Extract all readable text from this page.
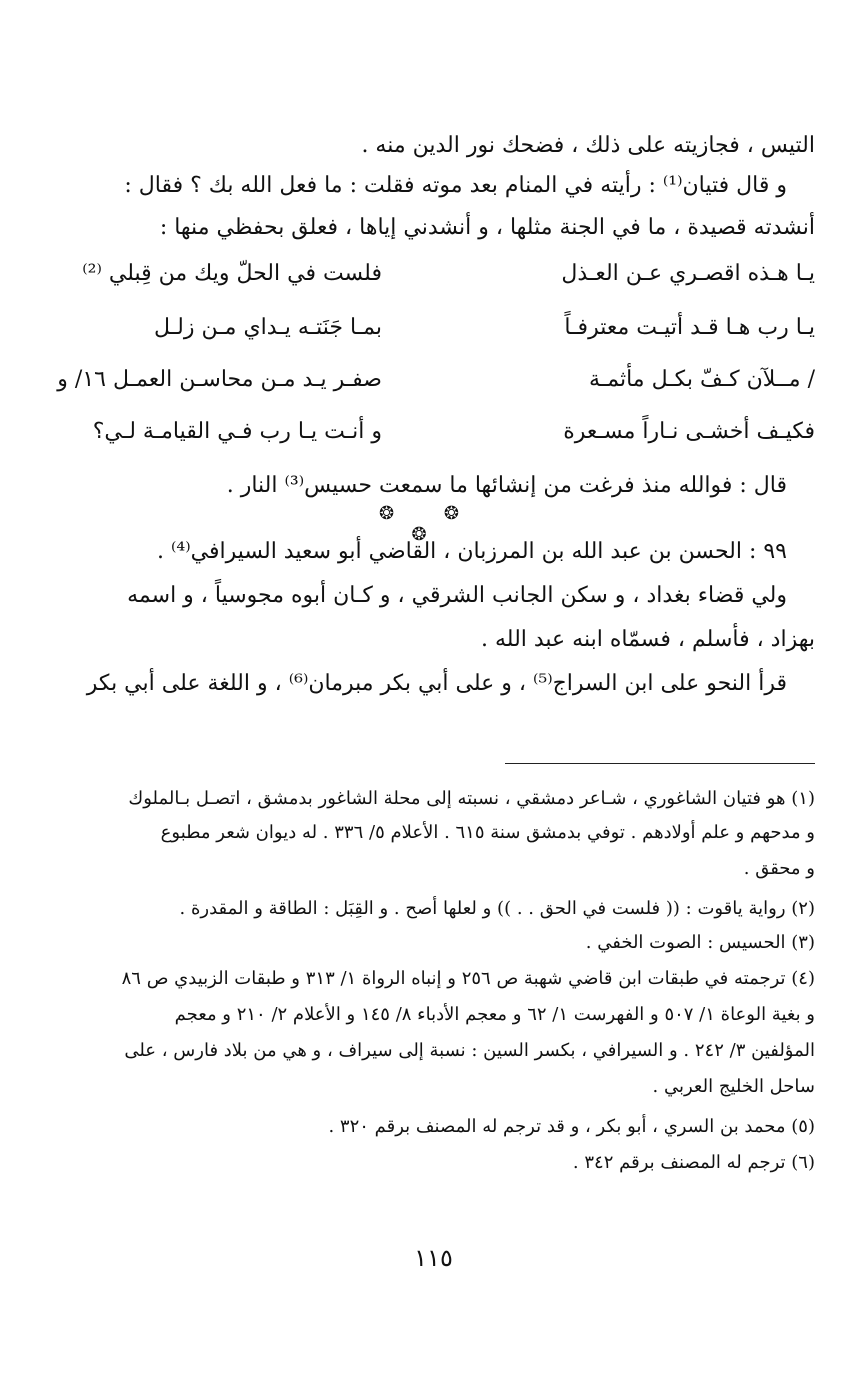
التيس ، فجازيته على ذلك ، فضحك نور الدين منه .
و قال فتيان⁽¹⁾ : رأيته في المنام بعد موته فقلت : ما فعل الله بك ؟ فقال :
أنشدته قصيدة ، ما في الجنة مثلها ، و أنشدني إياها ، فعلق بحفظي منها :
يـا هـذه اقصـري عـن العـذل
فلست في الحلّ ويك من قِبلي ⁽²⁾
يـا رب هـا قـد أتيـت معترفـاً
بمـا جَنَتـه يـداي مـن زلـل
/ مــلآن كـفّ بكـل مأثمـة
صفـر يـد مـن محاسـن العمـل ١٦/ و
فكيـف أخشـى نـاراً مسـعرة
و أنـت يـا رب فـي القيامـة لـي؟
قال : فوالله منذ فرغت من إنشائها ما سمعت حسيس⁽³⁾ النار .
❂ ❂ ❂
٩٩ : الحسن بن عبد الله بن المرزبان ، القاضي أبو سعيد السيرافي⁽⁴⁾ .
ولي قضاء بغداد ، و سكن الجانب الشرقي ، و كـان أبوه مجوسياً ، و اسمه
بهزاد ، فأسلم ، فسمّاه ابنه عبد الله .
قرأ النحو على ابن السراج⁽⁵⁾ ، و على أبي بكر مبرمان⁽⁶⁾ ، و اللغة على أبي بكر
(١) هو فتيان الشاغوري ، شـاعر دمشقي ، نسبته إلى محلة الشاغور بدمشق ، اتصـل بـالملوك
و مدحهم و علم أولادهم . توفي بدمشق سنة ٦١٥ . الأعلام ٥/ ٣٣٦ . له ديوان شعر مطبوع
و محقق .
(٢) رواية ياقوت : (( فلست في الحق . . )) و لعلها أصح . و القِبَل : الطاقة و المقدرة .
(٣) الحسيس : الصوت الخفي .
(٤) ترجمته في طبقات ابن قاضي شهبة ص ٢٥٦ و إنباه الرواة ١/ ٣١٣ و طبقات الزبيدي ص ٨٦
و بغية الوعاة ١/ ٥٠٧ و الفهرست ١/ ٦٢ و معجم الأدباء ٨/ ١٤٥ و الأعلام ٢/ ٢١٠ و معجم
المؤلفين ٣/ ٢٤٢ . و السيرافي ، بكسر السين : نسبة إلى سيراف ، و هي من بلاد فارس ، على
ساحل الخليج العربي .
(٥) محمد بن السري ، أبو بكر ، و قد ترجم له المصنف برقم ٣٢٠ .
(٦) ترجم له المصنف برقم ٣٤٢ .
١١٥
